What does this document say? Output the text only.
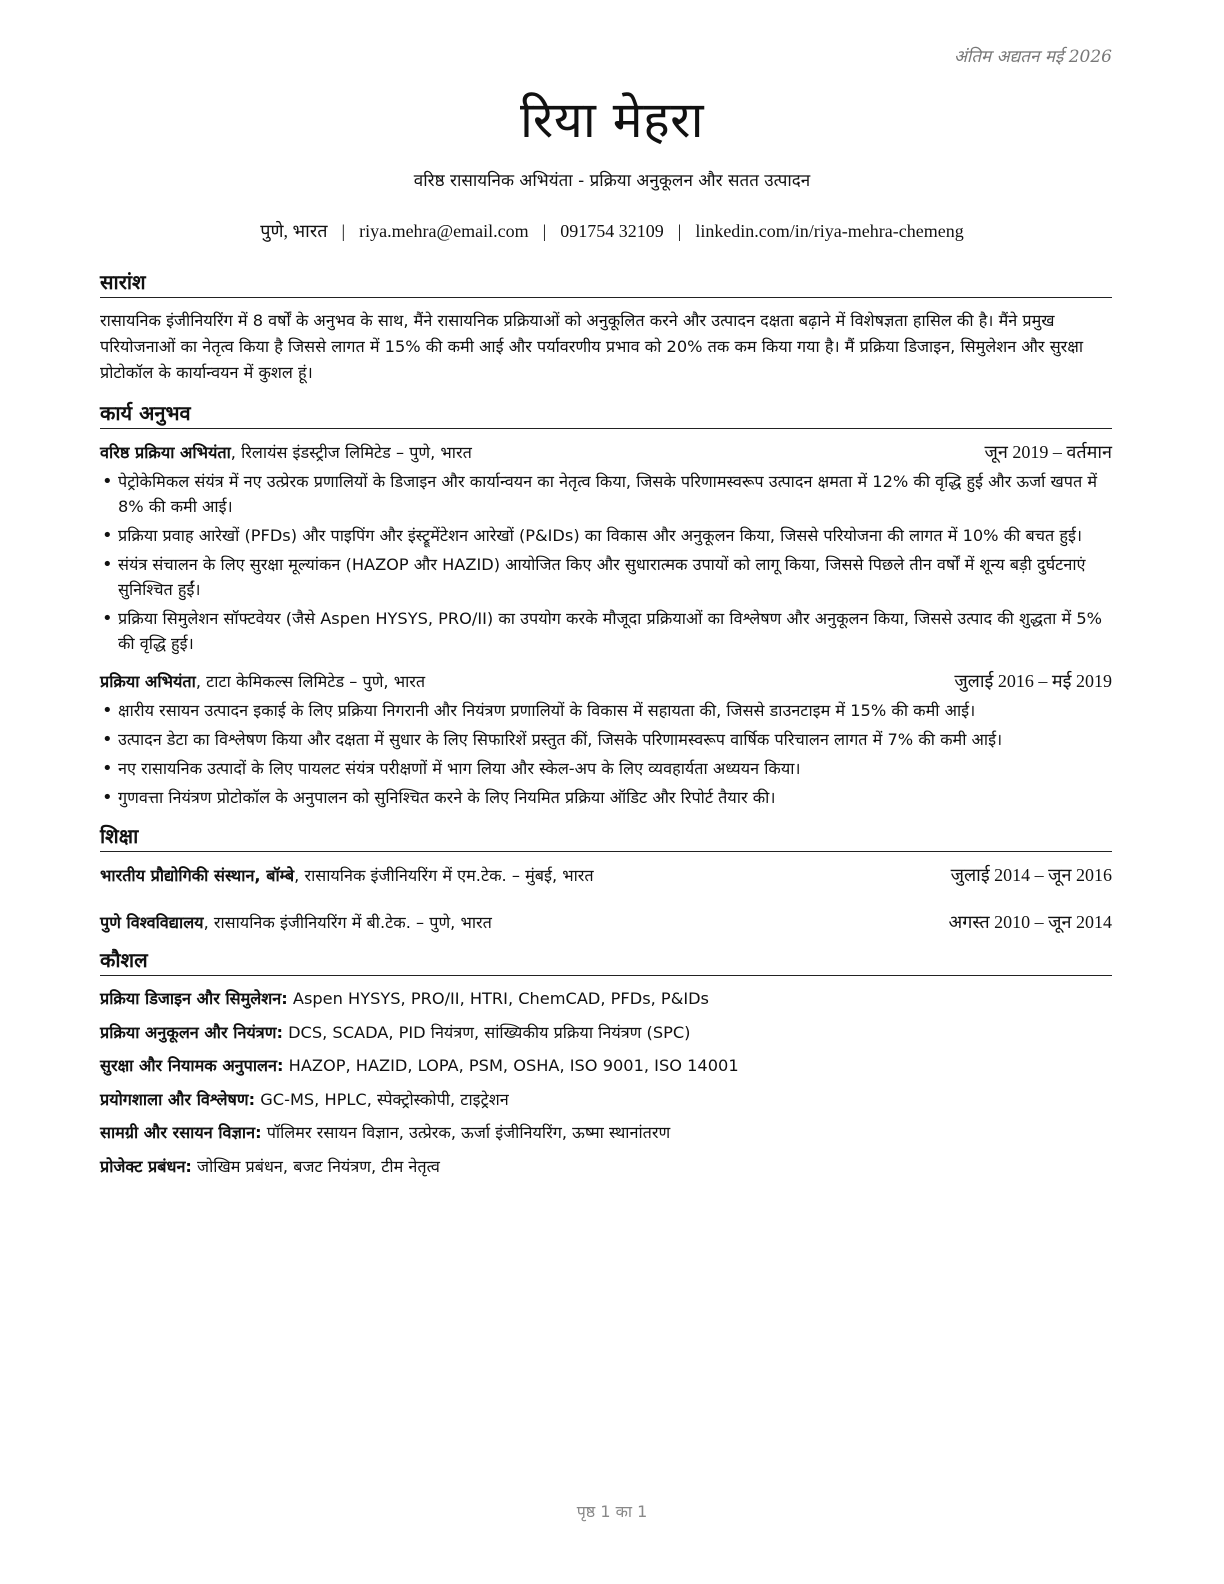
अंतिम अद्यतन मई 2026
रिया मेहरा
वरिष्ठ रासायनिक अभियंता - प्रक्रिया अनुकूलन और सतत उत्पादन
पुणे, भारत | riya.mehra@email.com | 091754 32109 | linkedin.com/in/riya-mehra-chemeng
सारांश
रासायनिक इंजीनियरिंग में 8 वर्षों के अनुभव के साथ, मैंने रासायनिक प्रक्रियाओं को अनुकूलित करने और उत्पादन दक्षता बढ़ाने में विशेषज्ञता हासिल की है। मैंने प्रमुख परियोजनाओं का नेतृत्व किया है जिससे लागत में 15% की कमी आई और पर्यावरणीय प्रभाव को 20% तक कम किया गया है। मैं प्रक्रिया डिजाइन, सिमुलेशन और सुरक्षा प्रोटोकॉल के कार्यान्वयन में कुशल हूं।
कार्य अनुभव
वरिष्ठ प्रक्रिया अभियंता, रिलायंस इंडस्ट्रीज लिमिटेड – पुणे, भारत	जून 2019 – वर्तमान
• पेट्रोकेमिकल संयंत्र में नए उत्प्रेरक प्रणालियों के डिजाइन और कार्यान्वयन का नेतृत्व किया, जिसके परिणामस्वरूप उत्पादन क्षमता में 12% की वृद्धि हुई और ऊर्जा खपत में 8% की कमी आई।
• प्रक्रिया प्रवाह आरेखों (PFDs) और पाइपिंग और इंस्ट्रूमेंटेशन आरेखों (P&IDs) का विकास और अनुकूलन किया, जिससे परियोजना की लागत में 10% की बचत हुई।
• संयंत्र संचालन के लिए सुरक्षा मूल्यांकन (HAZOP और HAZID) आयोजित किए और सुधारात्मक उपायों को लागू किया, जिससे पिछले तीन वर्षों में शून्य बड़ी दुर्घटनाएं सुनिश्चित हुईं।
• प्रक्रिया सिमुलेशन सॉफ्टवेयर (जैसे Aspen HYSYS, PRO/II) का उपयोग करके मौजूदा प्रक्रियाओं का विश्लेषण और अनुकूलन किया, जिससे उत्पाद की शुद्धता में 5% की वृद्धि हुई।
प्रक्रिया अभियंता, टाटा केमिकल्स लिमिटेड – पुणे, भारत	जुलाई 2016 – मई 2019
• क्षारीय रसायन उत्पादन इकाई के लिए प्रक्रिया निगरानी और नियंत्रण प्रणालियों के विकास में सहायता की, जिससे डाउनटाइम में 15% की कमी आई।
• उत्पादन डेटा का विश्लेषण किया और दक्षता में सुधार के लिए सिफारिशें प्रस्तुत कीं, जिसके परिणामस्वरूप वार्षिक परिचालन लागत में 7% की कमी आई।
• नए रासायनिक उत्पादों के लिए पायलट संयंत्र परीक्षणों में भाग लिया और स्केल-अप के लिए व्यवहार्यता अध्ययन किया।
• गुणवत्ता नियंत्रण प्रोटोकॉल के अनुपालन को सुनिश्चित करने के लिए नियमित प्रक्रिया ऑडिट और रिपोर्ट तैयार की।
शिक्षा
भारतीय प्रौद्योगिकी संस्थान, बॉम्बे, रासायनिक इंजीनियरिंग में एम.टेक. – मुंबई, भारत	जुलाई 2014 – जून 2016
पुणे विश्वविद्यालय, रासायनिक इंजीनियरिंग में बी.टेक. – पुणे, भारत	अगस्त 2010 – जून 2014
कौशल
प्रक्रिया डिजाइन और सिमुलेशन: Aspen HYSYS, PRO/II, HTRI, ChemCAD, PFDs, P&IDs
प्रक्रिया अनुकूलन और नियंत्रण: DCS, SCADA, PID नियंत्रण, सांख्यिकीय प्रक्रिया नियंत्रण (SPC)
सुरक्षा और नियामक अनुपालन: HAZOP, HAZID, LOPA, PSM, OSHA, ISO 9001, ISO 14001
प्रयोगशाला और विश्लेषण: GC-MS, HPLC, स्पेक्ट्रोस्कोपी, टाइट्रेशन
सामग्री और रसायन विज्ञान: पॉलिमर रसायन विज्ञान, उत्प्रेरक, ऊर्जा इंजीनियरिंग, ऊष्मा स्थानांतरण
प्रोजेक्ट प्रबंधन: जोखिम प्रबंधन, बजट नियंत्रण, टीम नेतृत्व
पृष्ठ 1 का 1
